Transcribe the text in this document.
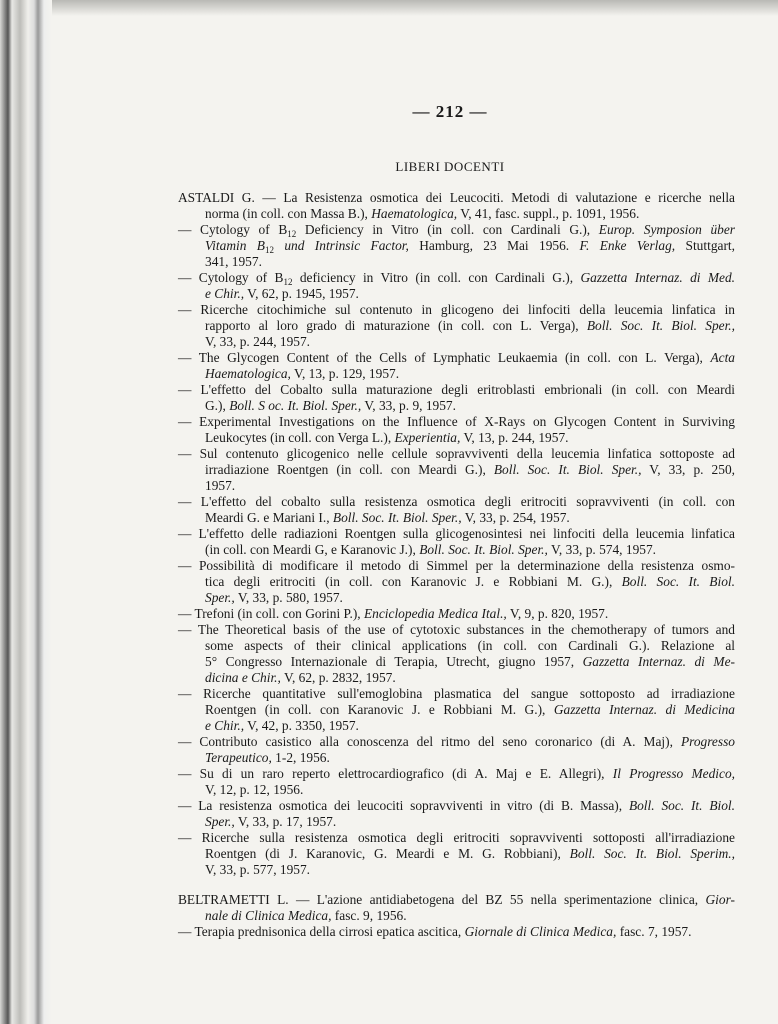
— 212 —
LIBERI DOCENTI
ASTALDI G. — La Resistenza osmotica dei Leucociti. Metodi di valutazione e ricerche nella
norma (in coll. con Massa B.), Haematologica, V, 41, fasc. suppl., p. 1091, 1956.
— Cytology of $B_{12}$ Deficiency in Vitro (in coll. con Cardinali G.), Europ. Symposion über
Vitamin $B_{12}$ und Intrinsic Factor, Hamburg, 23 Mai 1956. F. Enke Verlag, Stuttgart,
341, 1957.
— Cytology of $B_{12}$ deficiency in Vitro (in coll. con Cardinali G.), Gazzetta Internaz. di Med.
e Chir., V, 62, p. 1945, 1957.
— Ricerche citochimiche sul contenuto in glicogeno dei linfociti della leucemia linfatica in
rapporto al loro grado di maturazione (in coll. con L. Verga), Boll. Soc. It. Biol. Sper.,
V, 33, p. 244, 1957.
— The Glycogen Content of the Cells of Lymphatic Leukaemia (in coll. con L. Verga), Acta
Haematologica, V, 13, p. 129, 1957.
— L'effetto del Cobalto sulla maturazione degli eritroblasti embrionali (in coll. con Meardi
G.), Boll. S oc. It. Biol. Sper., V, 33, p. 9, 1957.
— Experimental Investigations on the Influence of X-Rays on Glycogen Content in Surviving
Leukocytes (in coll. con Verga L.), Experientia, V, 13, p. 244, 1957.
— Sul contenuto glicogenico nelle cellule sopravviventi della leucemia linfatica sottoposte ad
irradiazione Roentgen (in coll. con Meardi G.), Boll. Soc. It. Biol. Sper., V, 33, p. 250,
1957.
— L'effetto del cobalto sulla resistenza osmotica degli eritrociti sopravviventi (in coll. con
Meardi G. e Mariani I., Boll. Soc. It. Biol. Sper., V, 33, p. 254, 1957.
— L'effetto delle radiazioni Roentgen sulla glicogenosintesi nei linfociti della leucemia linfatica
(in coll. con Meardi G, e Karanovic J.), Boll. Soc. It. Biol. Sper., V, 33, p. 574, 1957.
— Possibilità di modificare il metodo di Simmel per la determinazione della resistenza osmo-
tica degli eritrociti (in coll. con Karanovic J. e Robbiani M. G.), Boll. Soc. It. Biol.
Sper., V, 33, p. 580, 1957.
— Trefoni (in coll. con Gorini P.), Enciclopedia Medica Ital., V, 9, p. 820, 1957.
— The Theoretical basis of the use of cytotoxic substances in the chemotherapy of tumors and
some aspects of their clinical applications (in coll. con Cardinali G.). Relazione al
5° Congresso Internazionale di Terapia, Utrecht, giugno 1957, Gazzetta Internaz. di Me-
dicina e Chir., V, 62, p. 2832, 1957.
— Ricerche quantitative sull'emoglobina plasmatica del sangue sottoposto ad irradiazione
Roentgen (in coll. con Karanovic J. e Robbiani M. G.), Gazzetta Internaz. di Medicina
e Chir., V, 42, p. 3350, 1957.
— Contributo casistico alla conoscenza del ritmo del seno coronarico (di A. Maj), Progresso
Terapeutico, 1-2, 1956.
— Su di un raro reperto elettrocardiografico (di A. Maj e E. Allegri), Il Progresso Medico,
V, 12, p. 12, 1956.
— La resistenza osmotica dei leucociti sopravviventi in vitro (di B. Massa), Boll. Soc. It. Biol.
Sper., V, 33, p. 17, 1957.
— Ricerche sulla resistenza osmotica degli eritrociti sopravviventi sottoposti all'irradiazione
Roentgen (di J. Karanovic, G. Meardi e M. G. Robbiani), Boll. Soc. It. Biol. Sperim.,
V, 33, p. 577, 1957.
BELTRAMETTI L. — L'azione antidiabetogena del BZ 55 nella sperimentazione clinica, Gior-
nale di Clinica Medica, fasc. 9, 1956.
— Terapia prednisonica della cirrosi epatica ascitica, Giornale di Clinica Medica, fasc. 7, 1957.
